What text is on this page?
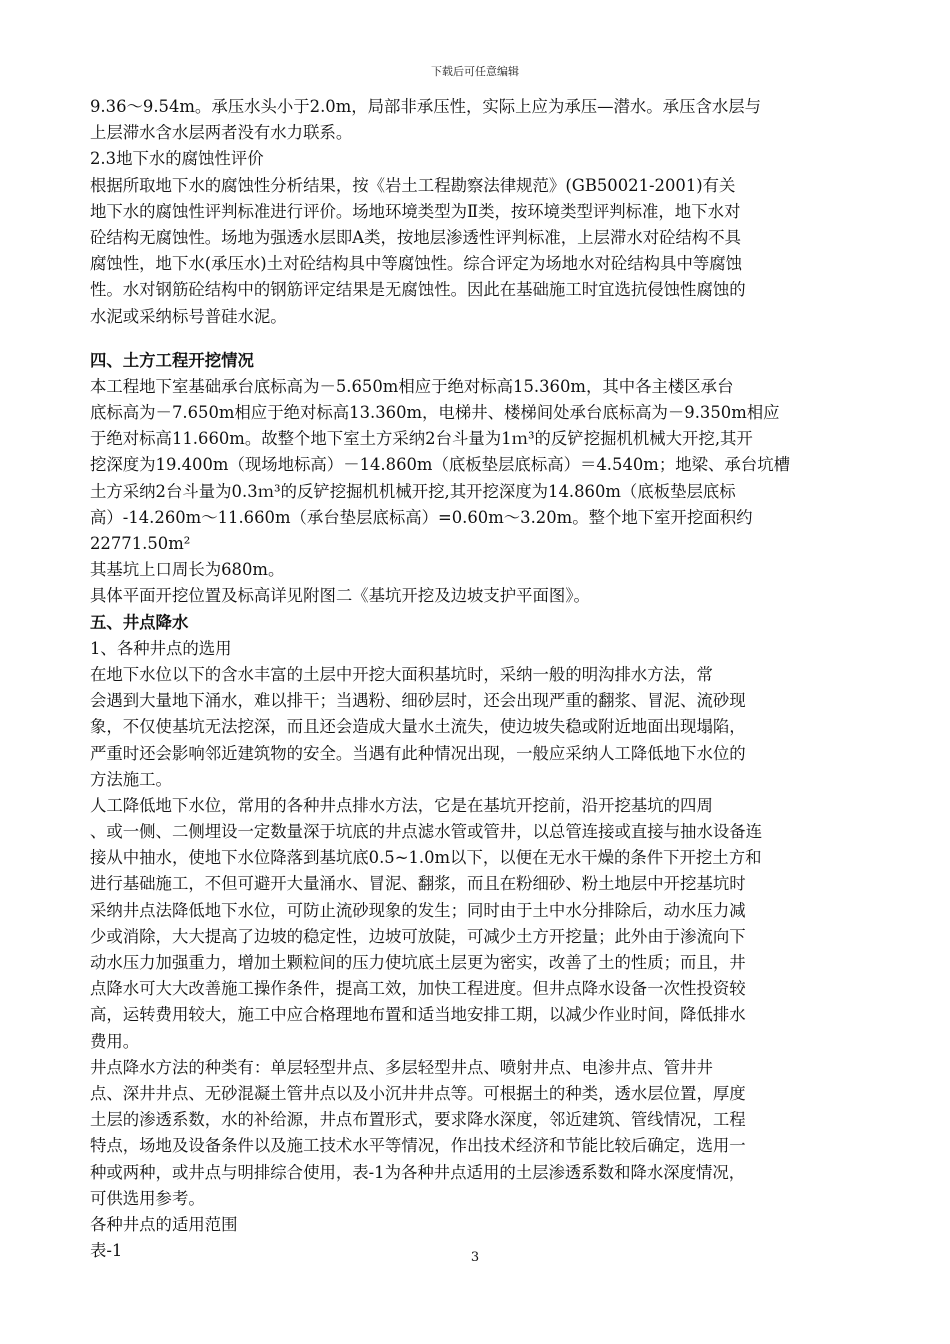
下载后可任意编辑
9.36～9.54m。承压水头小于2.0m，局部非承压性，实际上应为承压—潜水。承压含水层与
上层滞水含水层两者没有水力联系。
2.3地下水的腐蚀性评价
根据所取地下水的腐蚀性分析结果，按《岩土工程勘察法律规范》(GB50021-2001)有关
地下水的腐蚀性评判标准进行评价。场地环境类型为Ⅱ类，按环境类型评判标准，地下水对
砼结构无腐蚀性。场地为强透水层即A类，按地层渗透性评判标准，上层滞水对砼结构不具
腐蚀性，地下水(承压水)土对砼结构具中等腐蚀性。综合评定为场地水对砼结构具中等腐蚀
性。水对钢筋砼结构中的钢筋评定结果是无腐蚀性。因此在基础施工时宜选抗侵蚀性腐蚀的
水泥或采纳标号普硅水泥。
四、土方工程开挖情况
本工程地下室基础承台底标高为－5.650m相应于绝对标高15.360m，其中各主楼区承台
底标高为－7.650m相应于绝对标高13.360m，电梯井、楼梯间处承台底标高为－9.350m相应
于绝对标高11.660m。故整个地下室土方采纳2台斗量为1ｍ³的反铲挖掘机机械大开挖,其开
挖深度为19.400m（现场地标高）－14.860m（底板垫层底标高）＝4.540m；地梁、承台坑槽
土方采纳2台斗量为0.3ｍ³的反铲挖掘机机械开挖,其开挖深度为14.860m（底板垫层底标
高）-14.260m～11.660m（承台垫层底标高）=0.60m～3.20m。整个地下室开挖面积约
22771.50m²
其基坑上口周长为680m。
具体平面开挖位置及标高详见附图二《基坑开挖及边坡支护平面图》。
五、井点降水
1、各种井点的选用
在地下水位以下的含水丰富的土层中开挖大面积基坑时，采纳一般的明沟排水方法，常
会遇到大量地下涌水，难以排干；当遇粉、细砂层时，还会出现严重的翻浆、冒泥、流砂现
象，不仅使基坑无法挖深，而且还会造成大量水土流失，使边坡失稳或附近地面出现塌陷，
严重时还会影响邻近建筑物的安全。当遇有此种情况出现，一般应采纳人工降低地下水位的
方法施工。
人工降低地下水位，常用的各种井点排水方法，它是在基坑开挖前，沿开挖基坑的四周
、或一侧、二侧埋设一定数量深于坑底的井点滤水管或管井，以总管连接或直接与抽水设备连
接从中抽水，使地下水位降落到基坑底0.5~1.0m以下，以便在无水干燥的条件下开挖土方和
进行基础施工，不但可避开大量涌水、冒泥、翻浆，而且在粉细砂、粉土地层中开挖基坑时
采纳井点法降低地下水位，可防止流砂现象的发生；同时由于土中水分排除后，动水压力减
少或消除，大大提高了边坡的稳定性，边坡可放陡，可减少土方开挖量；此外由于渗流向下
动水压力加强重力，增加土颗粒间的压力使坑底土层更为密实，改善了土的性质；而且，井
点降水可大大改善施工操作条件，提高工效，加快工程进度。但井点降水设备一次性投资较
高，运转费用较大，施工中应合格理地布置和适当地安排工期，以减少作业时间，降低排水
费用。
井点降水方法的种类有：单层轻型井点、多层轻型井点、喷射井点、电渗井点、管井井
点、深井井点、无砂混凝土管井点以及小沉井井点等。可根据土的种类，透水层位置，厚度
土层的渗透系数，水的补给源，井点布置形式，要求降水深度，邻近建筑、管线情况，工程
特点，场地及设备条件以及施工技术水平等情况，作出技术经济和节能比较后确定，选用一
种或两种，或井点与明排综合使用，表-1为各种井点适用的土层渗透系数和降水深度情况，
可供选用参考。
各种井点的适用范围
表-1	3
